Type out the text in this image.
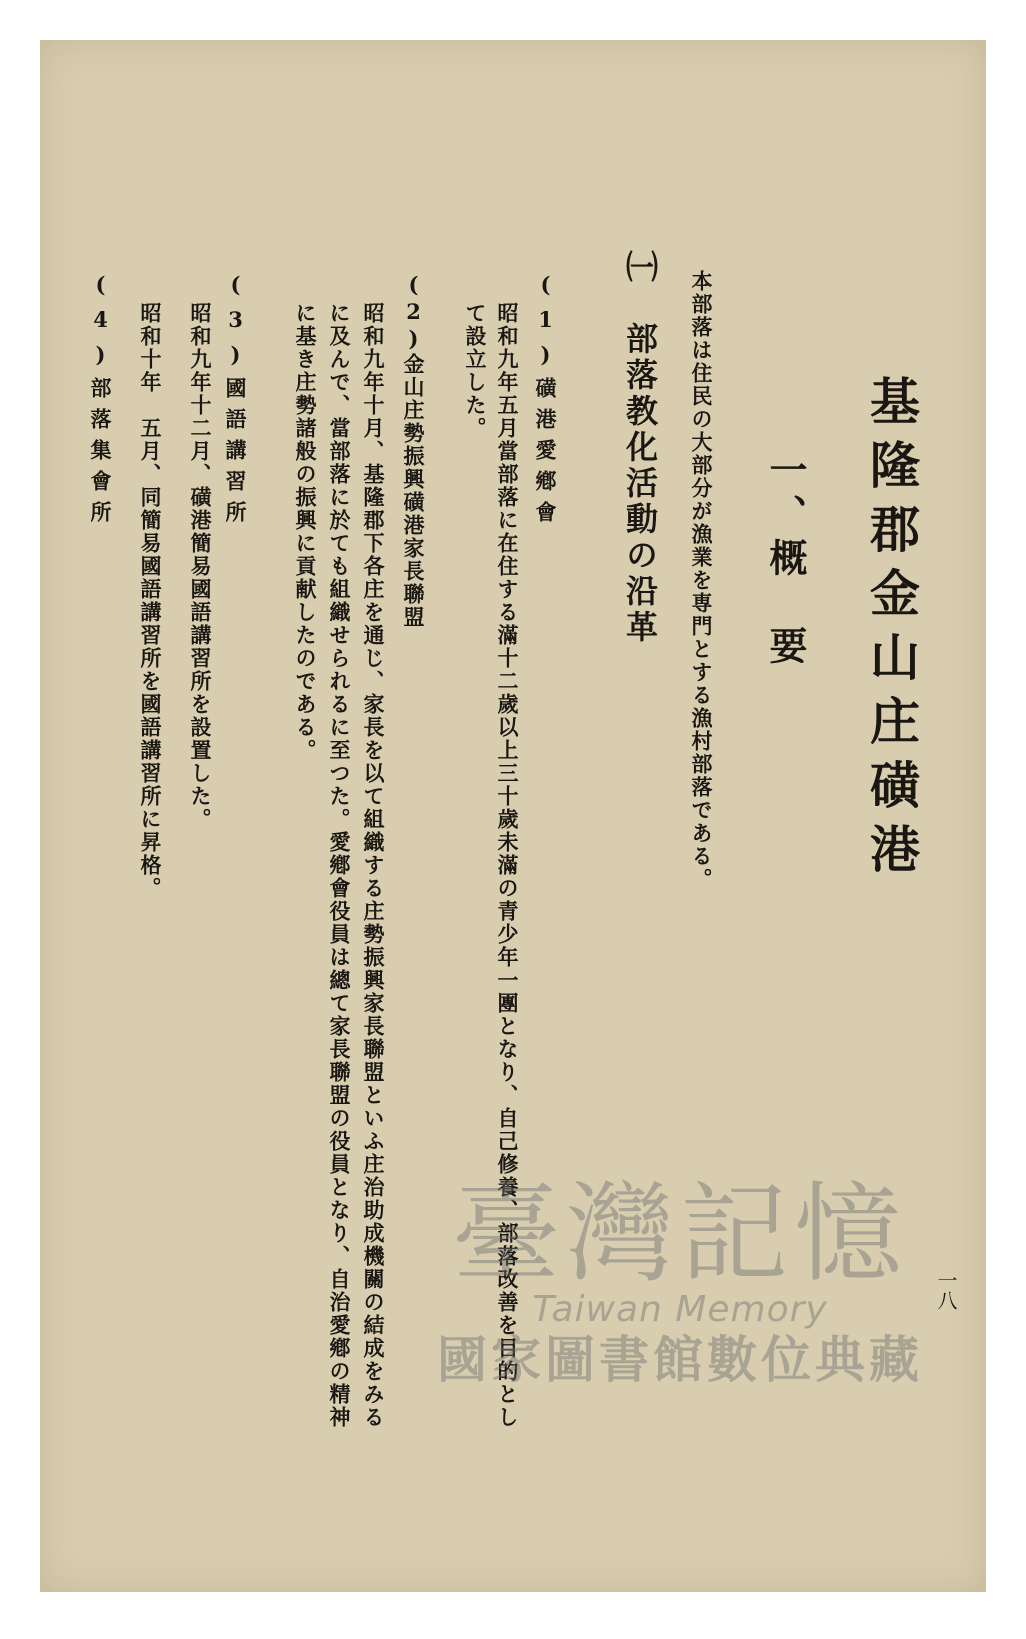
基隆郡金山庄磺港
一、概　要
本部落は住民の大部分が漁業を専門とする漁村部落である。
㈠　部落教化活動の沿革
(1)磺港愛鄕會
昭和九年五月當部落に在住する滿十二歲以上三十歲未滿の青少年一團となり、自己修養、部落改善を目的とし
て設立した。
(2)金山庄勢振興磺港家長聯盟
昭和九年十月、基隆郡下各庄を通じ、家長を以て組織する庄勢振興家長聯盟といふ庄治助成機關の結成をみる
に及んで、當部落に於ても組織せられるに至つた。愛鄕會役員は總て家長聯盟の役員となり、自治愛鄕の精神
に基き庄勢諸般の振興に貢献したのである。
(3)國語講習所
昭和九年十二月、磺港簡易國語講習所を設置した。
(4)部落集會所 昭和十年　五月、同簡易國語講習所を國語講習所に昇格。
一八
臺灣記憶
Taiwan Memory
國家圖書館數位典藏
